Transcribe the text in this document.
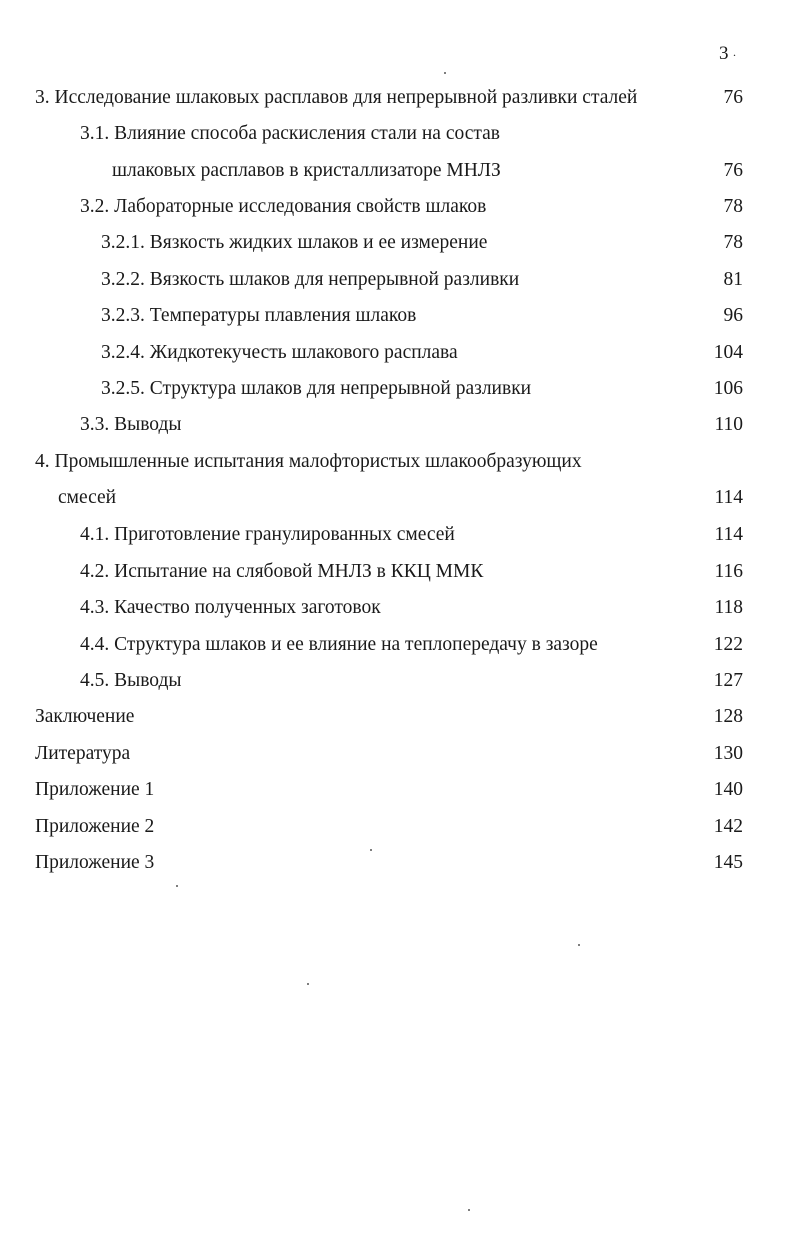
3 ·
3. Исследование шлаковых расплавов для непрерывной разливки сталей	76
3.1. Влияние способа раскисления стали на состав
шлаковых расплавов в кристаллизаторе МНЛЗ	76
3.2. Лабораторные исследования свойств шлаков	78
3.2.1. Вязкость жидких шлаков и ее измерение	78
3.2.2. Вязкость шлаков для непрерывной разливки	81
3.2.3. Температуры плавления шлаков	96
3.2.4. Жидкотекучесть шлакового расплава	104
3.2.5. Структура шлаков для непрерывной разливки	106
3.3. Выводы	110
4. Промышленные испытания малофтористых шлакообразующих
смесей	114
4.1. Приготовление гранулированных смесей	114
4.2. Испытание на слябовой МНЛЗ в ККЦ ММК	116
4.3. Качество полученных заготовок	118
4.4. Структура шлаков и ее влияние на теплопередачу в зазоре	122
4.5. Выводы	127
Заключение	128
Литература	130
Приложение 1	140
Приложение 2	142
Приложение 3	145
